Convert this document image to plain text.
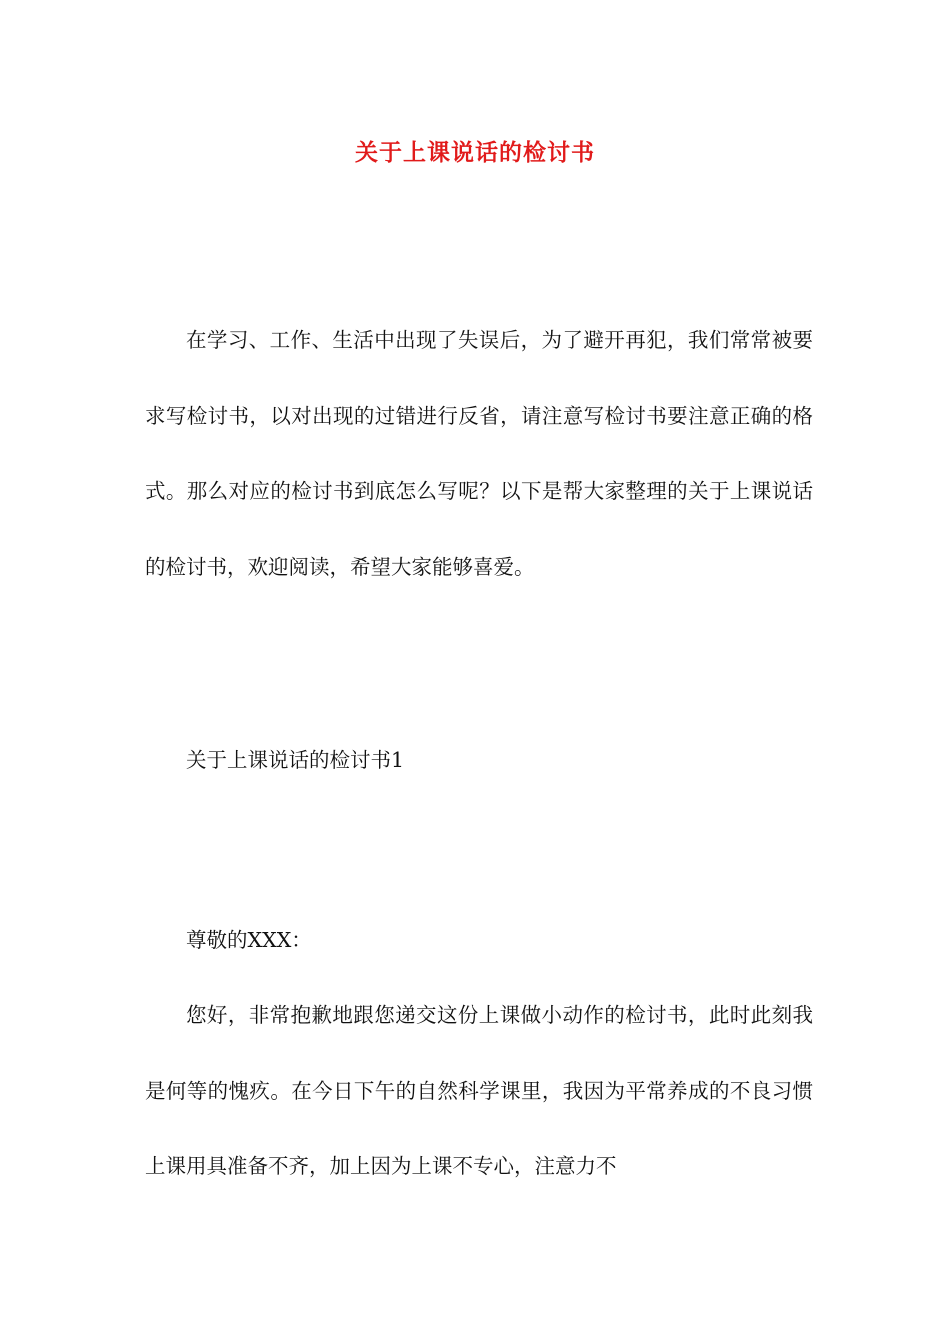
关于上课说话的检讨书

在学习、工作、生活中出现了失误后，为了避开再犯，我们常常被要求写检讨书，以对出现的过错进行反省，请注意写检讨书要注意正确的格式。那么对应的检讨书到底怎么写呢？以下是帮大家整理的关于上课说话的检讨书，欢迎阅读，希望大家能够喜爱。

关于上课说话的检讨书1

尊敬的XXX：

您好，非常抱歉地跟您递交这份上课做小动作的检讨书，此时此刻我是何等的愧疚。在今日下午的自然科学课里，我因为平常养成的不良习惯上课用具准备不齐，加上因为上课不专心，注意力不
